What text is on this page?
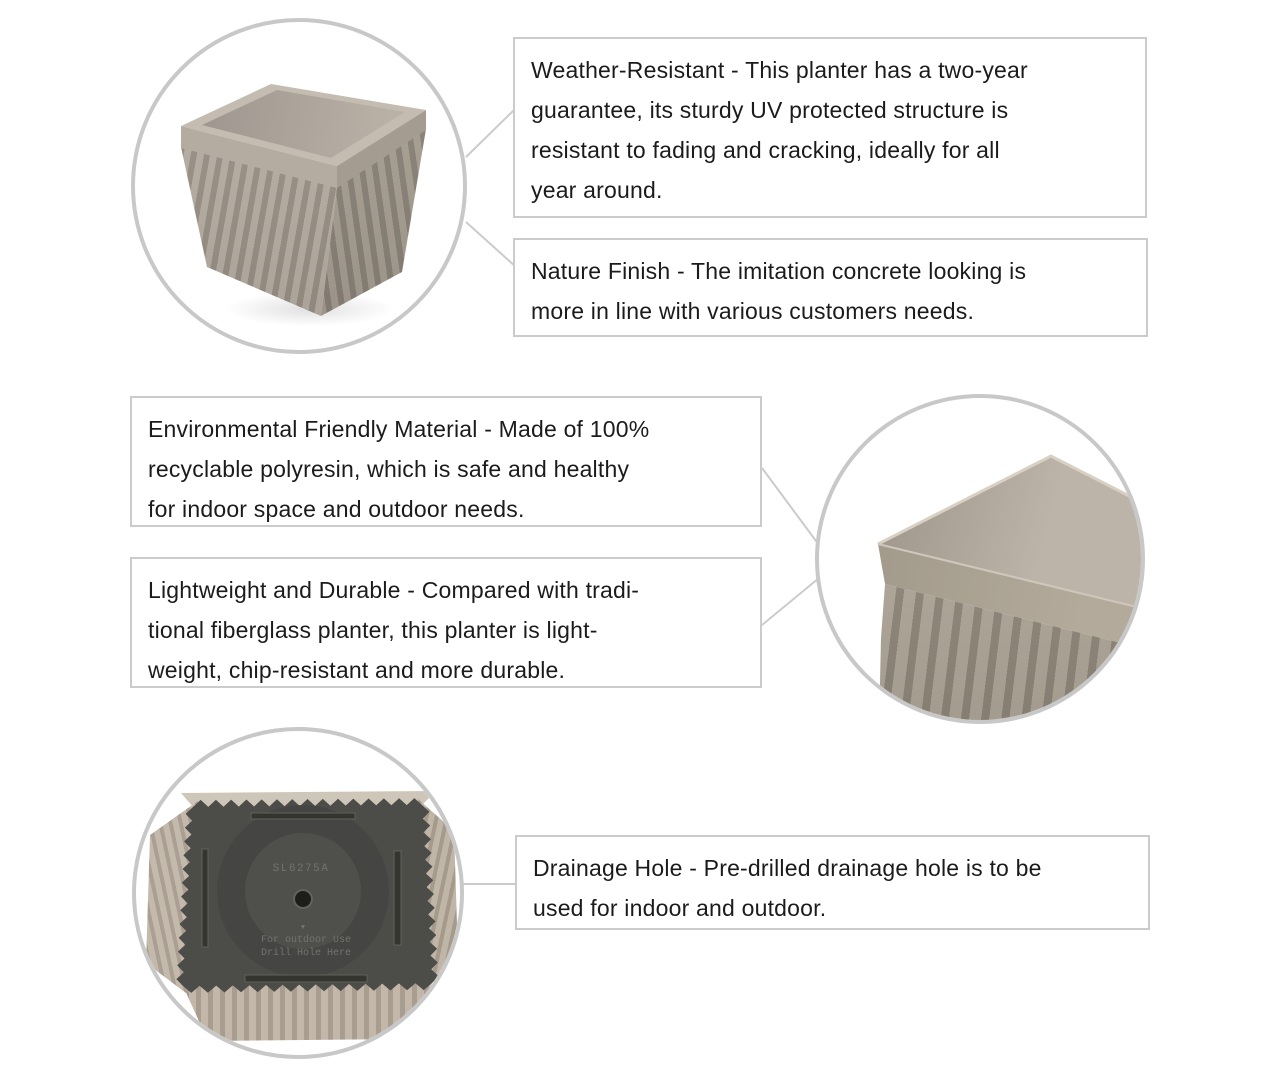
Weather-Resistant - This planter has a two-year

guarantee, its sturdy UV protected structure is

resistant to fading and cracking, ideally for all

year around.

Nature Finish - The imitation concrete looking is

more in line with various customers needs.

Environmental Friendly Material - Made of 100%

recyclable polyresin, which is safe and healthy

for indoor space and outdoor needs.

Lightweight and Durable - Compared with tradi-

tional fiberglass planter, this planter is light-

weight, chip-resistant and more durable.

SL6275A
▼
For outdoor Use
Drill Hole Here

Drainage Hole - Pre-drilled drainage hole is to be

used for indoor and outdoor.
